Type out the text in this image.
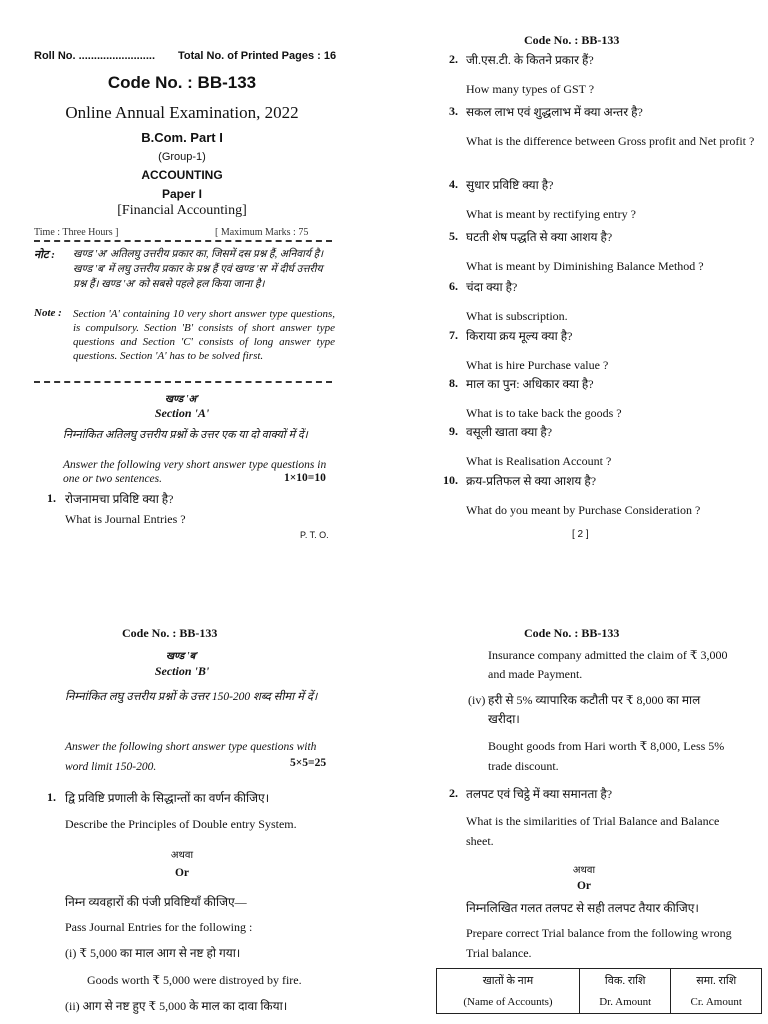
Roll No. ......................... Total No. of Printed Pages : 16
Code No. : BB-133
Online Annual Examination, 2022
B.Com. Part I
(Group-1)
ACCOUNTING
Paper I
[Financial Accounting]
Time : Three Hours ]	[ Maximum Marks : 75
नोट : खण्ड 'अ' अतिलघु उत्तरीय प्रकार का, जिसमें दस प्रश्न हैं, अनिवार्य है। खण्ड 'ब' में लघु उत्तरीय प्रकार के प्रश्न हैं एवं खण्ड 'स' में दीर्घ उत्तरीय प्रश्न हैं। खण्ड 'अ' को सबसे पहले हल किया जाना है।
Note : Section 'A' containing 10 very short answer type questions, is compulsory. Section 'B' consists of short answer type questions and Section 'C' consists of long answer type questions. Section 'A' has to be solved first.
खण्ड 'अ'
Section 'A'
निम्नांकित अतिलघु उत्तरीय प्रश्नों के उत्तर एक या दो वाक्यों में दें।
Answer the following very short answer type questions in one or two sentences.	1×10=10
1. रोजनामचा प्रविष्टि क्या है?
What is Journal Entries ?
P. T. O.
Code No. : BB-133
2. जी.एस.टी. के कितने प्रकार हैं?
How many types of GST ?
3. सकल लाभ एवं शुद्धलाभ में क्या अन्तर है?
What is the difference between Gross profit and Net profit ?
4. सुधार प्रविष्टि क्या है?
What is meant by rectifying entry ?
5. घटती शेष पद्धति से क्या आशय है?
What is meant by Diminishing Balance Method ?
6. चंदा क्या है?
What is subscription.
7. किराया क्रय मूल्य क्या है?
What is hire Purchase value ?
8. माल का पुन: अधिकार क्या है?
What is to take back the goods ?
9. वसूली खाता क्या है?
What is Realisation Account ?
10. क्रय-प्रतिफल से क्या आशय है?
What do you meant by Purchase Consideration ?
[ 2 ]
Code No. : BB-133
खण्ड 'ब'
Section 'B'
निम्नांकित लघु उत्तरीय प्रश्नों के उत्तर 150-200 शब्द सीमा में दें।
Answer the following short answer type questions with word limit 150-200.	5×5=25
1. द्वि प्रविष्टि प्रणाली के सिद्धान्तों का वर्णन कीजिए।
Describe the Principles of Double entry System.
अथवा
Or
निम्न व्यवहारों की पंजी प्रविष्टियाँ कीजिए—
Pass Journal Entries for the following :
(i) ₹ 5,000 का माल आग से नष्ट हो गया।
Goods worth ₹ 5,000 were distroyed by fire.
(ii) आग से नष्ट हुए ₹ 5,000 के माल का दावा किया।
Code No. : BB-133
Insurance company admitted the claim of ₹ 3,000
and made Payment.
(iv) हरी से 5% व्यापारिक कटौती पर ₹ 8,000 का माल
खरीदा।
Bought goods from Hari worth ₹ 8,000, Less 5%
trade discount.
2. तलपट एवं चिट्ठे में क्या समानता है?
What is the similarities of Trial Balance and Balance
sheet.
अथवा
Or
निम्नलिखित गलत तलपट से सही तलपट तैयार कीजिए।
Prepare correct Trial balance from the following wrong
Trial balance.
खातों के नाम	विक. राशि	समा. राशि
(Name of Accounts)	Dr. Amount	Cr. Amount
